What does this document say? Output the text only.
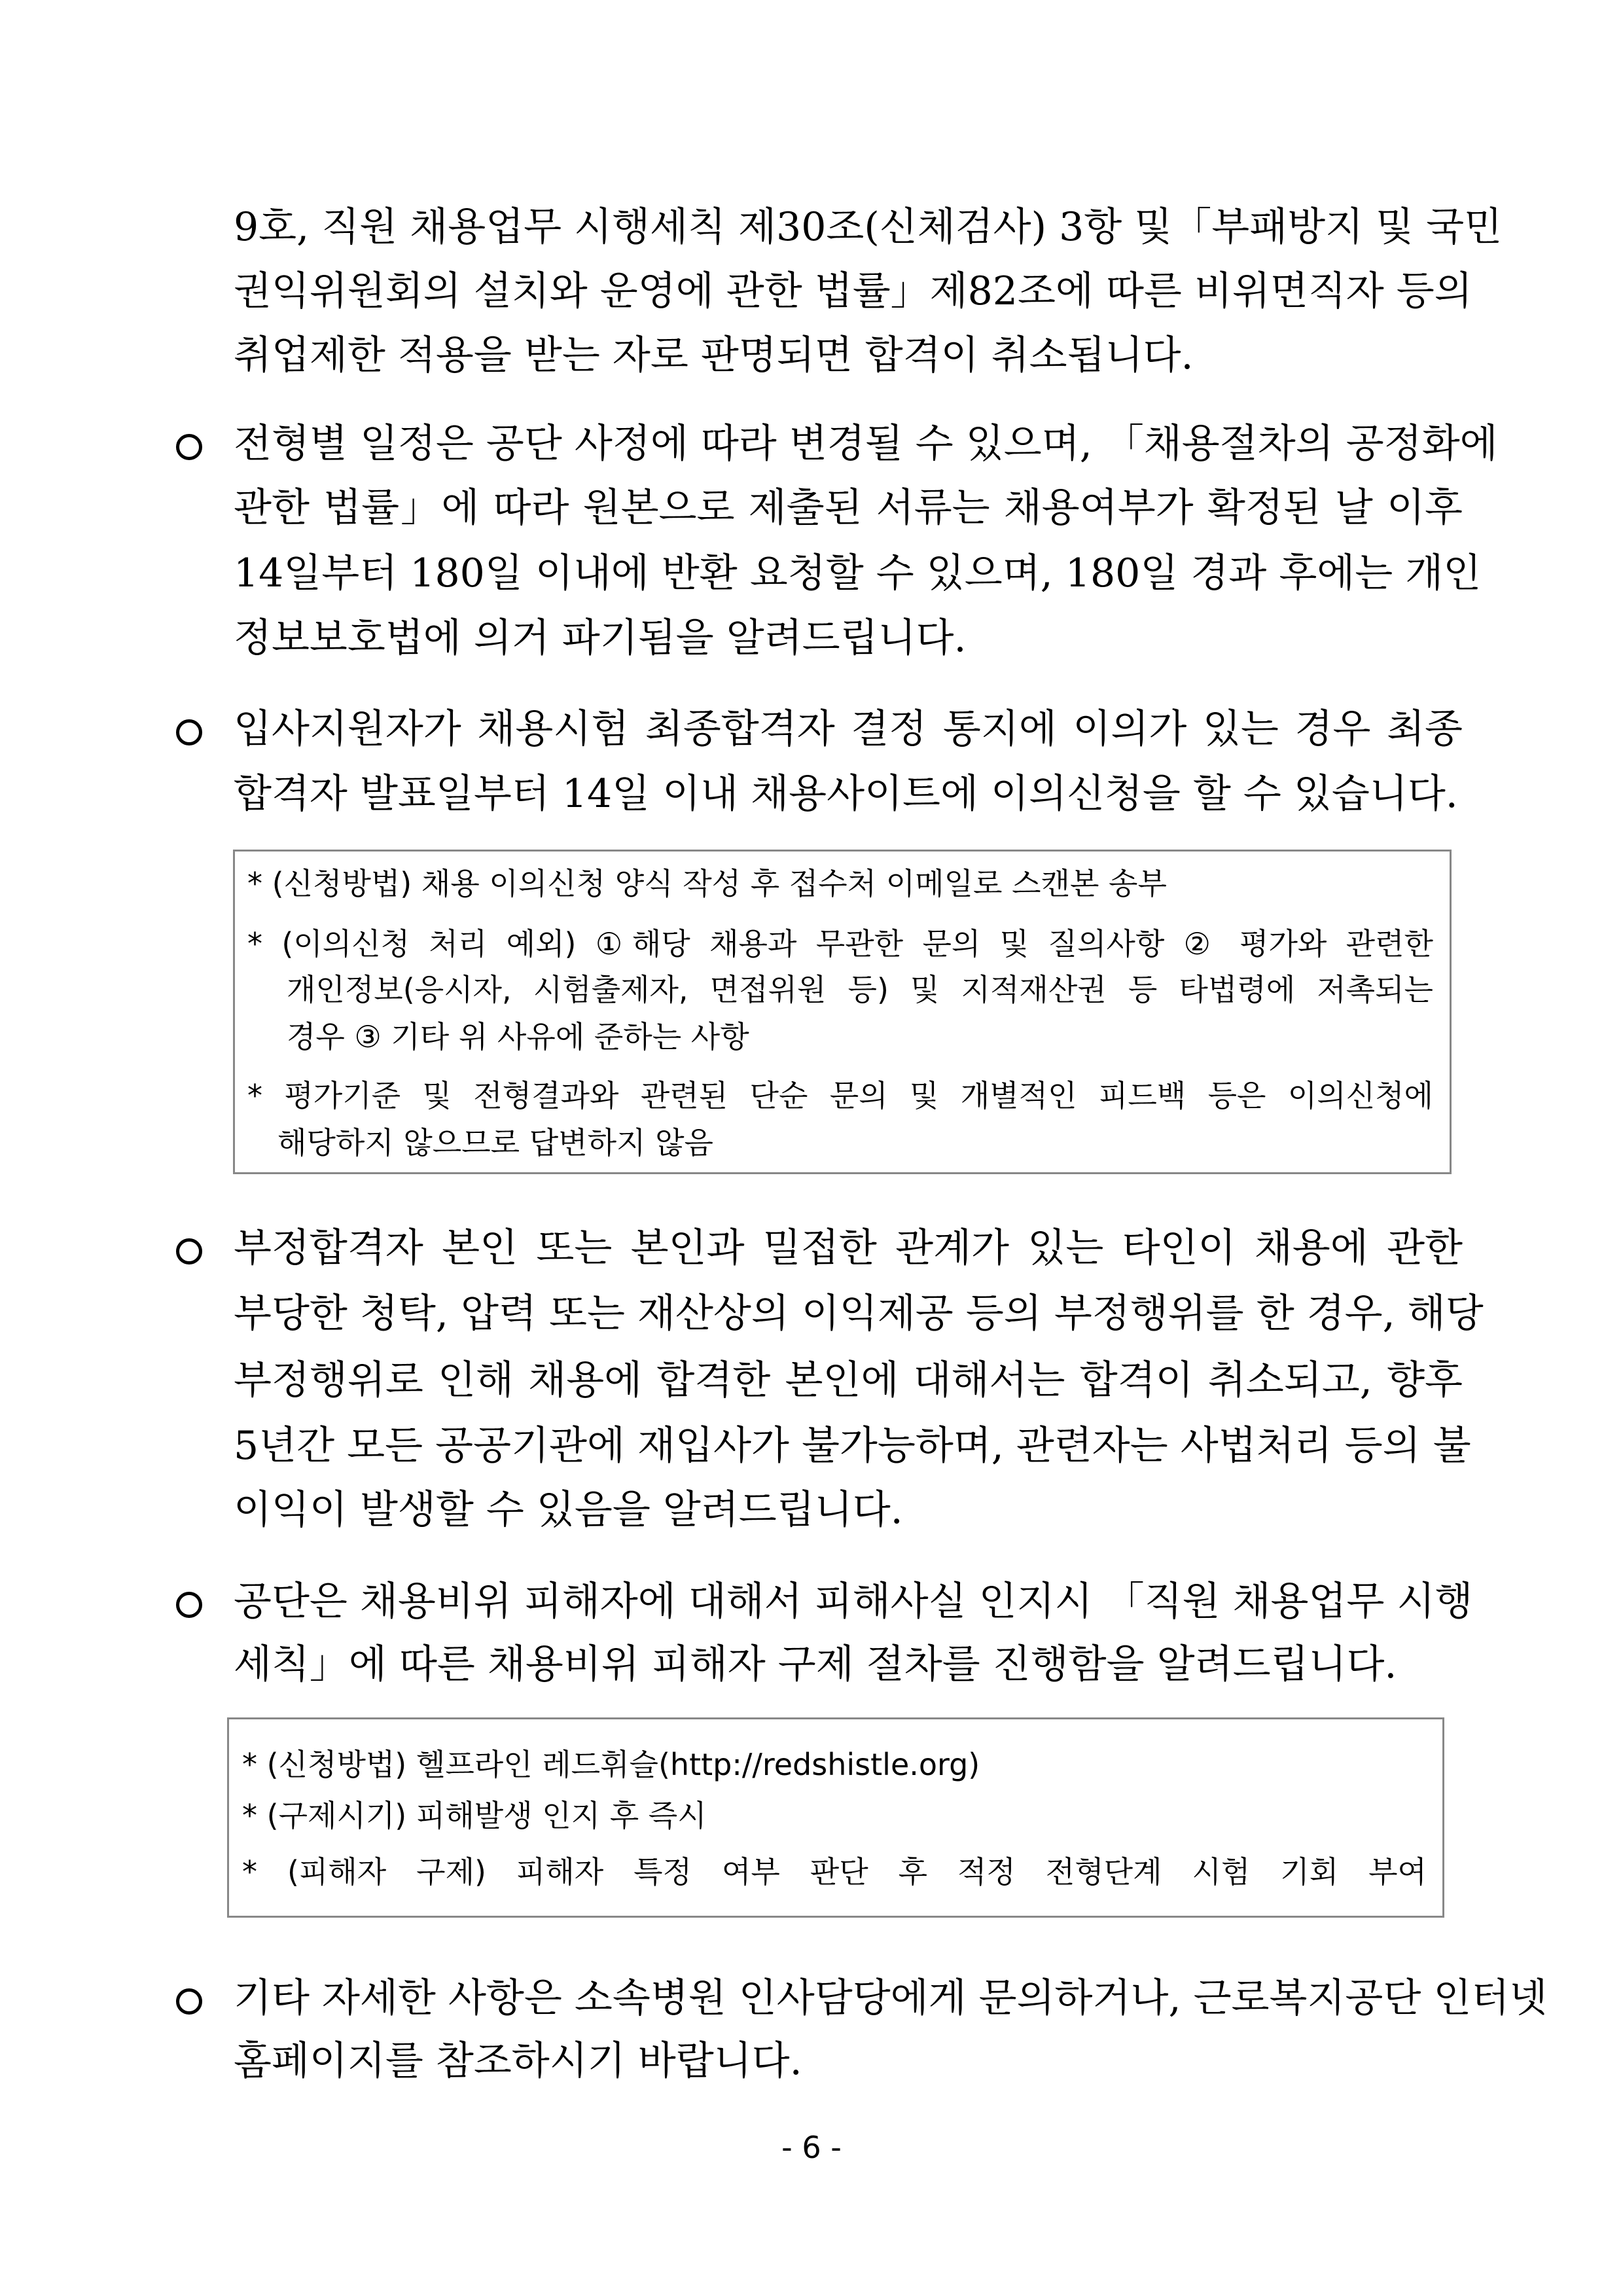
9호, 직원 채용업무 시행세칙 제30조(신체검사) 3항 및「부패방지 및 국민
권익위원회의 설치와 운영에 관한 법률」제82조에 따른 비위면직자 등의
취업제한 적용을 받는 자로 판명되면 합격이 취소됩니다.
전형별 일정은 공단 사정에 따라 변경될 수 있으며, 「채용절차의 공정화에
관한 법률」에 따라 원본으로 제출된 서류는 채용여부가 확정된 날 이후
14일부터 180일 이내에 반환 요청할 수 있으며, 180일 경과 후에는 개인
정보보호법에 의거 파기됨을 알려드립니다.
입사지원자가 채용시험 최종합격자 결정 통지에 이의가 있는 경우 최종
합격자 발표일부터 14일 이내 채용사이트에 이의신청을 할 수 있습니다.
* (신청방법) 채용 이의신청 양식 작성 후 접수처 이메일로 스캔본 송부
* (이의신청 처리 예외) ①해당 채용과 무관한 문의 및 질의사항 ② 평가와 관련한
개인정보(응시자, 시험출제자, 면접위원 등) 및 지적재산권 등 타법령에 저촉되는
경우 ③ 기타 위 사유에 준하는 사항
* 평가기준 및 전형결과와 관련된 단순 문의 및 개별적인 피드백 등은 이의신청에
해당하지 않으므로 답변하지 않음
부정합격자 본인 또는 본인과 밀접한 관계가 있는 타인이 채용에 관한
부당한 청탁, 압력 또는 재산상의 이익제공 등의 부정행위를 한 경우, 해당
부정행위로 인해 채용에 합격한 본인에 대해서는 합격이 취소되고, 향후
5년간 모든 공공기관에 재입사가 불가능하며, 관련자는 사법처리 등의 불
이익이 발생할 수 있음을 알려드립니다.
공단은 채용비위 피해자에 대해서 피해사실 인지시 「직원 채용업무 시행
세칙」에 따른 채용비위 피해자 구제 절차를 진행함을 알려드립니다.
* (신청방법) 헬프라인 레드휘슬(http://redshistle.org)
* (구제시기) 피해발생 인지 후 즉시
* (피해자 구제) 피해자 특정 여부 판단 후 적정 전형단계 시험 기회 부여
기타 자세한 사항은 소속병원 인사담당에게 문의하거나, 근로복지공단 인터넷
홈페이지를 참조하시기 바랍니다.
- 6 -
